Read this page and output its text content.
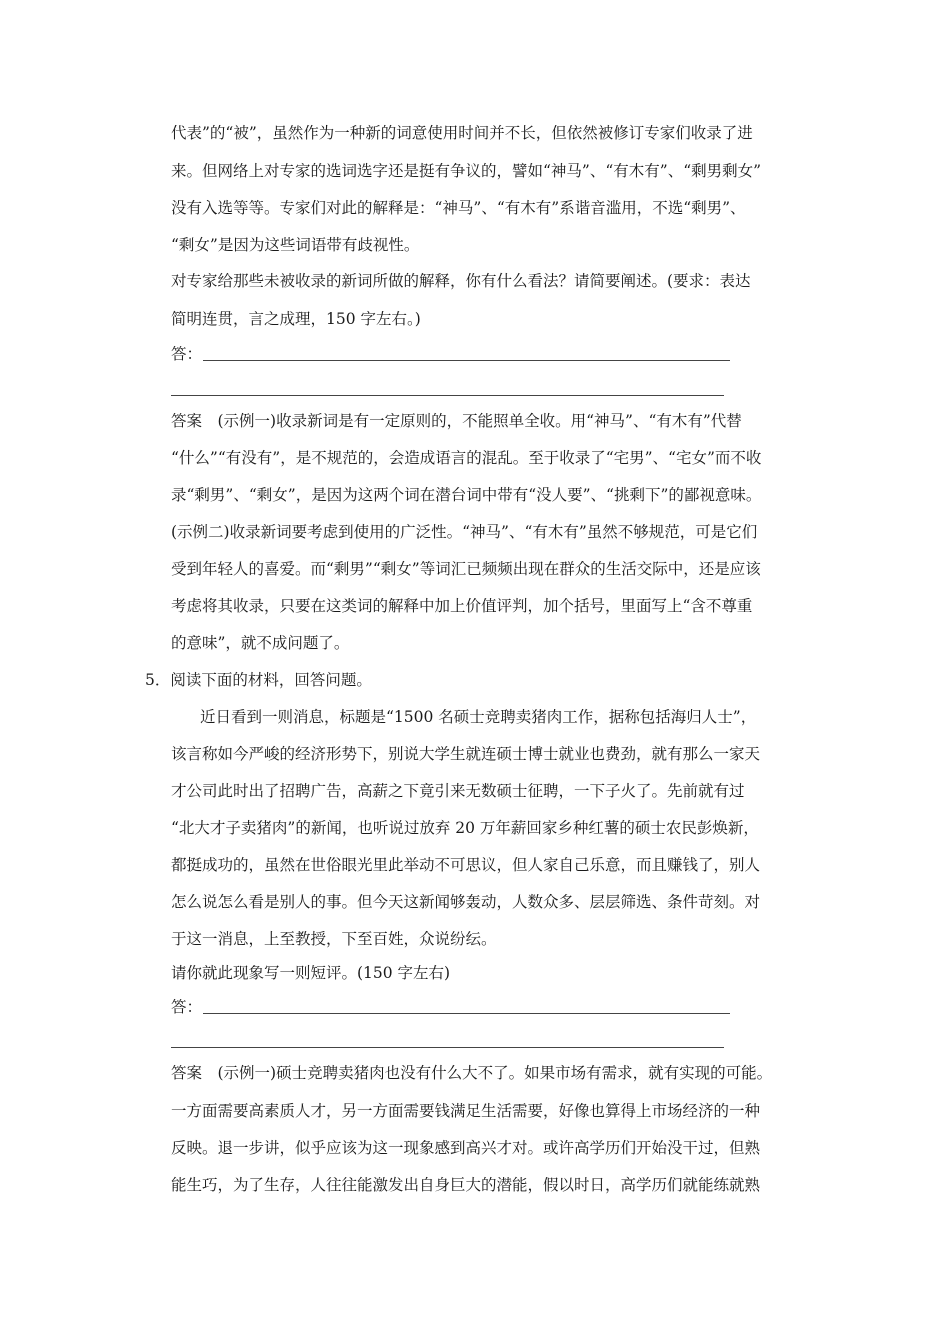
代表”的“被”，虽然作为一种新的词意使用时间并不长，但依然被修订专家们收录了进
来。但网络上对专家的选词选字还是挺有争议的，譬如“神马”、“有木有”、“剩男剩女”
没有入选等等。专家们对此的解释是：“神马”、“有木有”系谐音滥用，不选“剩男”、
“剩女”是因为这些词语带有歧视性。
对专家给那些未被收录的新词所做的解释，你有什么看法？请简要阐述。(要求：表达
简明连贯，言之成理，150 字左右。)
答：
答案　(示例一)收录新词是有一定原则的，不能照单全收。用“神马”、“有木有”代替
“什么”“有没有”，是不规范的，会造成语言的混乱。至于收录了“宅男”、“宅女”而不收
录“剩男”、“剩女”，是因为这两个词在潜台词中带有“没人要”、“挑剩下”的鄙视意味。
(示例二)收录新词要考虑到使用的广泛性。“神马”、“有木有”虽然不够规范，可是它们
受到年轻人的喜爱。而“剩男”“剩女”等词汇已频频出现在群众的生活交际中，还是应该
考虑将其收录，只要在这类词的解释中加上价值评判，加个括号，里面写上“含不尊重
的意味”，就不成问题了。
5．阅读下面的材料，回答问题。
近日看到一则消息，标题是“1500 名硕士竞聘卖猪肉工作，据称包括海归人士”，
该言称如今严峻的经济形势下，别说大学生就连硕士博士就业也费劲，就有那么一家天
才公司此时出了招聘广告，高薪之下竟引来无数硕士征聘，一下子火了。先前就有过
“北大才子卖猪肉”的新闻，也听说过放弃 20 万年薪回家乡种红薯的硕士农民彭焕新，
都挺成功的，虽然在世俗眼光里此举动不可思议，但人家自己乐意，而且赚钱了，别人
怎么说怎么看是别人的事。但今天这新闻够轰动，人数众多、层层筛选、条件苛刻。对
于这一消息，上至教授，下至百姓，众说纷纭。
请你就此现象写一则短评。(150 字左右)
答：
答案　(示例一)硕士竞聘卖猪肉也没有什么大不了。如果市场有需求，就有实现的可能。
一方面需要高素质人才，另一方面需要钱满足生活需要，好像也算得上市场经济的一种
反映。退一步讲，似乎应该为这一现象感到高兴才对。或许高学历们开始没干过，但熟
能生巧，为了生存，人往往能激发出自身巨大的潜能，假以时日，高学历们就能练就熟
